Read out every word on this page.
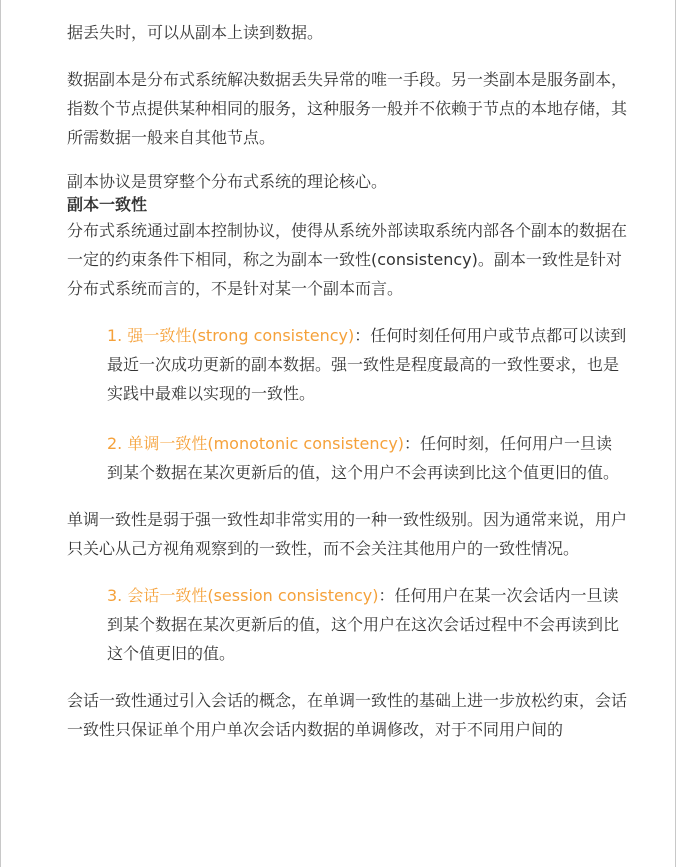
据丢失时，可以从副本上读到数据。

数据副本是分布式系统解决数据丢失异常的唯一手段。另一类副本是服务副本，指数个节点提供某种相同的服务，这种服务一般并不依赖于节点的本地存储，其所需数据一般来自其他节点。

副本协议是贯穿整个分布式系统的理论核心。

副本一致性

分布式系统通过副本控制协议，使得从系统外部读取系统内部各个副本的数据在一定的约束条件下相同，称之为副本一致性(consistency)。副本一致性是针对分布式系统而言的，不是针对某一个副本而言。

1. 强一致性(strong consistency)：任何时刻任何用户或节点都可以读到最近一次成功更新的副本数据。强一致性是程度最高的一致性要求，也是实践中最难以实现的一致性。
2. 单调一致性(monotonic consistency)：任何时刻，任何用户一旦读到某个数据在某次更新后的值，这个用户不会再读到比这个值更旧的值。

单调一致性是弱于强一致性却非常实用的一种一致性级别。因为通常来说，用户只关心从己方视角观察到的一致性，而不会关注其他用户的一致性情况。

3. 会话一致性(session consistency)：任何用户在某一次会话内一旦读到某个数据在某次更新后的值，这个用户在这次会话过程中不会再读到比这个值更旧的值。

会话一致性通过引入会话的概念，在单调一致性的基础上进一步放松约束，会话一致性只保证单个用户单次会话内数据的单调修改，对于不同用户间的
